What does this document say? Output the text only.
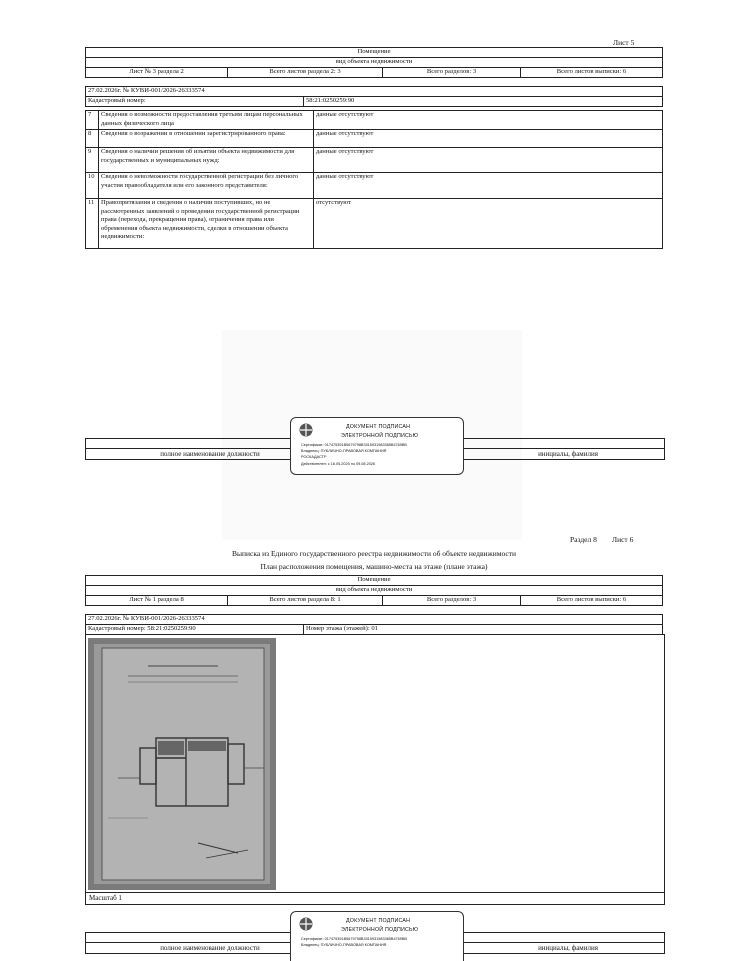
Лист 5
Помещение
вид объекта недвижимости
Лист № 3 раздела 2	Всего листов раздела 2: 3	Всего разделов: 3	Всего листов выписки: 6
27.02.2026г. № КУВИ-001/2026-26333574
Кадастровый номер:	58:21:0250259:90
7	Сведения о возможности предоставления третьим лицам персональных данных физического лица	данные отсутствуют
8	Сведения о возражении в отношении зарегистрированного права:	данные отсутствуют
9	Сведения о наличии решения об изъятии объекта недвижимости для государственных и муниципальных нужд:	данные отсутствуют
10	Сведения о невозможности государственной регистрации без личного участия правообладателя или его законного представителя:	данные отсутствуют
11	Правопритязания и сведения о наличии поступивших, но не рассмотренных заявлений о проведении государственной регистрации права (перехода, прекращения права), ограничения права или обременения объекта недвижимости, сделки в отношении объекта недвижимости:	отсутствуют
полное наименование должности	инициалы, фамилия
ДОКУМЕНТ ПОДПИСАН
ЭЛЕКТРОННОЙ ПОДПИСЬЮ
Сертификат: 017475391B5679798B3315931983365B4769BB
Владелец: ПУБЛИЧНО-ПРАВОВАЯ КОМПАНИЯ
РОСКАДАСТР
Действителен: с 16.05.2025 по 09.08.2026
Раздел 8 Лист 6
Выписка из Единого государственного реестра недвижимости об объекте недвижимости
План расположения помещения, машино-места на этаже (плане этажа)
Помещение
вид объекта недвижимости
Лист № 1 раздела 8	Всего листов раздела 8: 1	Всего разделов: 3	Всего листов выписки: 6
27.02.2026г. № КУВИ-001/2026-26333574
Кадастровый номер: 58:21:0250259:90	Номер этажа (этажей): 01
Масштаб 1
полное наименование должности	инициалы, фамилия
ДОКУМЕНТ ПОДПИСАН
ЭЛЕКТРОННОЙ ПОДПИСЬЮ
Сертификат: 017475391B5679798B3315931983365B4769BB
Владелец: ПУБЛИЧНО-ПРАВОВАЯ КОМПАНИЯ
